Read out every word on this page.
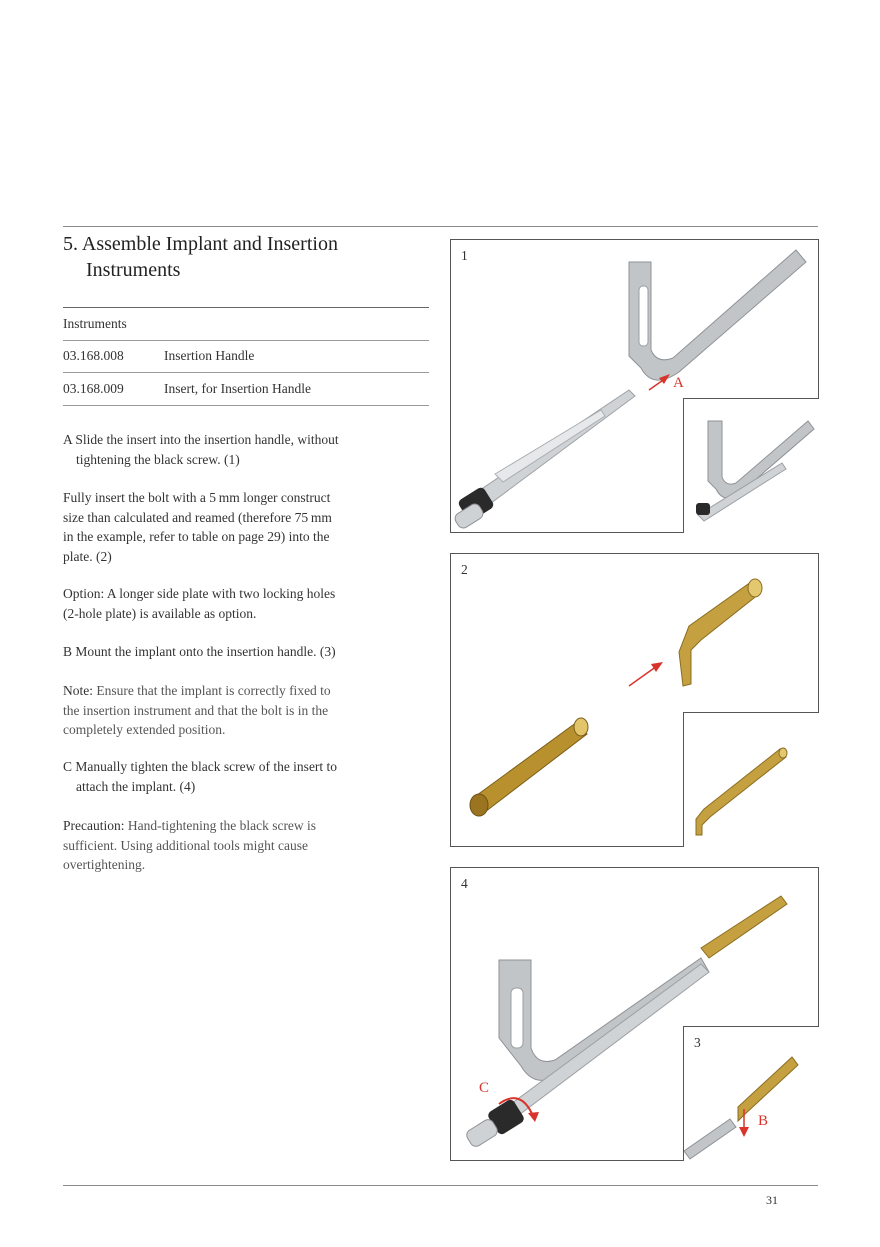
5. Assemble Implant and Insertion
Instruments
Instruments
03.168.008	Insertion Handle
03.168.009	Insert, for Insertion Handle
A Slide the insert into the insertion handle, without
tightening the black screw. (1)
Fully insert the bolt with a 5 mm longer construct
size than calculated and reamed (therefore 75 mm
in the example, refer to table on page 29) into the
plate. (2)
Option: A longer side plate with two locking holes
(2-hole plate) is available as option.
B Mount the implant onto the insertion handle. (3)
Note: Ensure that the implant is correctly fixed to
the insertion instrument and that the bolt is in the
completely extended position.
C Manually tighten the black screw of the insert to
attach the implant. (4)
Precaution: Hand-tightening the black screw is
sufficient. Using additional tools might cause
overtightening.
1
A
2
4
C
3
B
31
